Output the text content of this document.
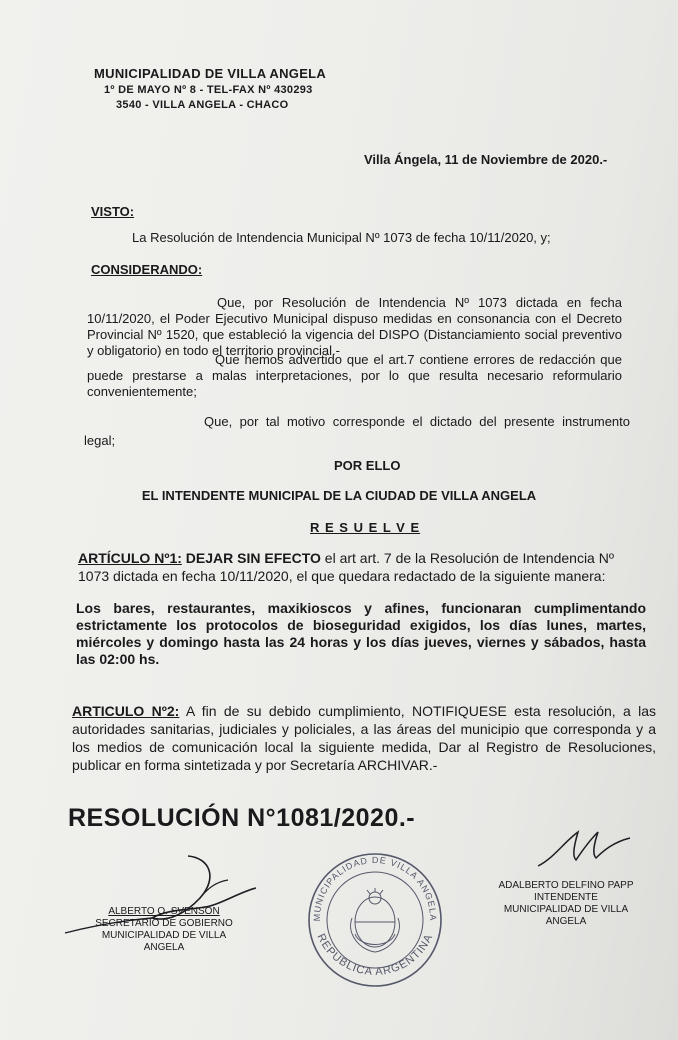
MUNICIPALIDAD DE VILLA ANGELA

1º DE MAYO Nº 8 - TEL-FAX Nº 430293

3540 - VILLA ANGELA - CHACO

Villa Ángela, 11 de Noviembre de 2020.-

VISTO:

La Resolución de Intendencia Municipal Nº 1073 de fecha 10/11/2020, y;

CONSIDERANDO:

Que, por Resolución de Intendencia Nº 1073 dictada en fecha 10/11/2020, el Poder Ejecutivo Municipal dispuso medidas en consonancia con el Decreto Provincial Nº 1520, que estableció la vigencia del DISPO (Distanciamiento social preventivo y obligatorio) en todo el territorio provincial.-

Que hemos advertido que el art.7 contiene errores de redacción que puede prestarse a malas interpretaciones, por lo que resulta necesario reformulario convenientemente;

Que, por tal motivo corresponde el dictado del presente instrumento legal;

POR ELLO

EL INTENDENTE MUNICIPAL DE LA CIUDAD DE VILLA ANGELA

R E S U E L V E

ARTÍCULO Nº1: DEJAR SIN EFECTO el art art. 7 de la Resolución de Intendencia Nº 1073 dictada en fecha 10/11/2020, el que quedara redactado de la siguiente manera:

Los bares, restaurantes, maxikioscos y afines, funcionaran cumplimentando estrictamente los protocolos de bioseguridad exigidos, los días lunes, martes, miércoles y domingo hasta las 24 horas y los días jueves, viernes y sábados, hasta las 02:00 hs.

ARTICULO Nº2: A fin de su debido cumplimiento, NOTIFIQUESE esta resolución, a las autoridades sanitarias, judiciales y policiales, a las áreas del municipio que corresponda y a los medios de comunicación local la siguiente medida, Dar al Registro de Resoluciones, publicar en forma sintetizada y por Secretaría ARCHIVAR.-

RESOLUCIÓN N°1081/2020.-

ALBERTO O. SVENSON
SECRETARIO DE GOBIERNO
MUNICIPALIDAD DE VILLA ANGELA
MUNICIPALIDAD DE VILLA ANGELA
REPUBLICA ARGENTINA
ADALBERTO DELFINO PAPP
INTENDENTE
MUNICIPALIDAD DE VILLA ANGELA
